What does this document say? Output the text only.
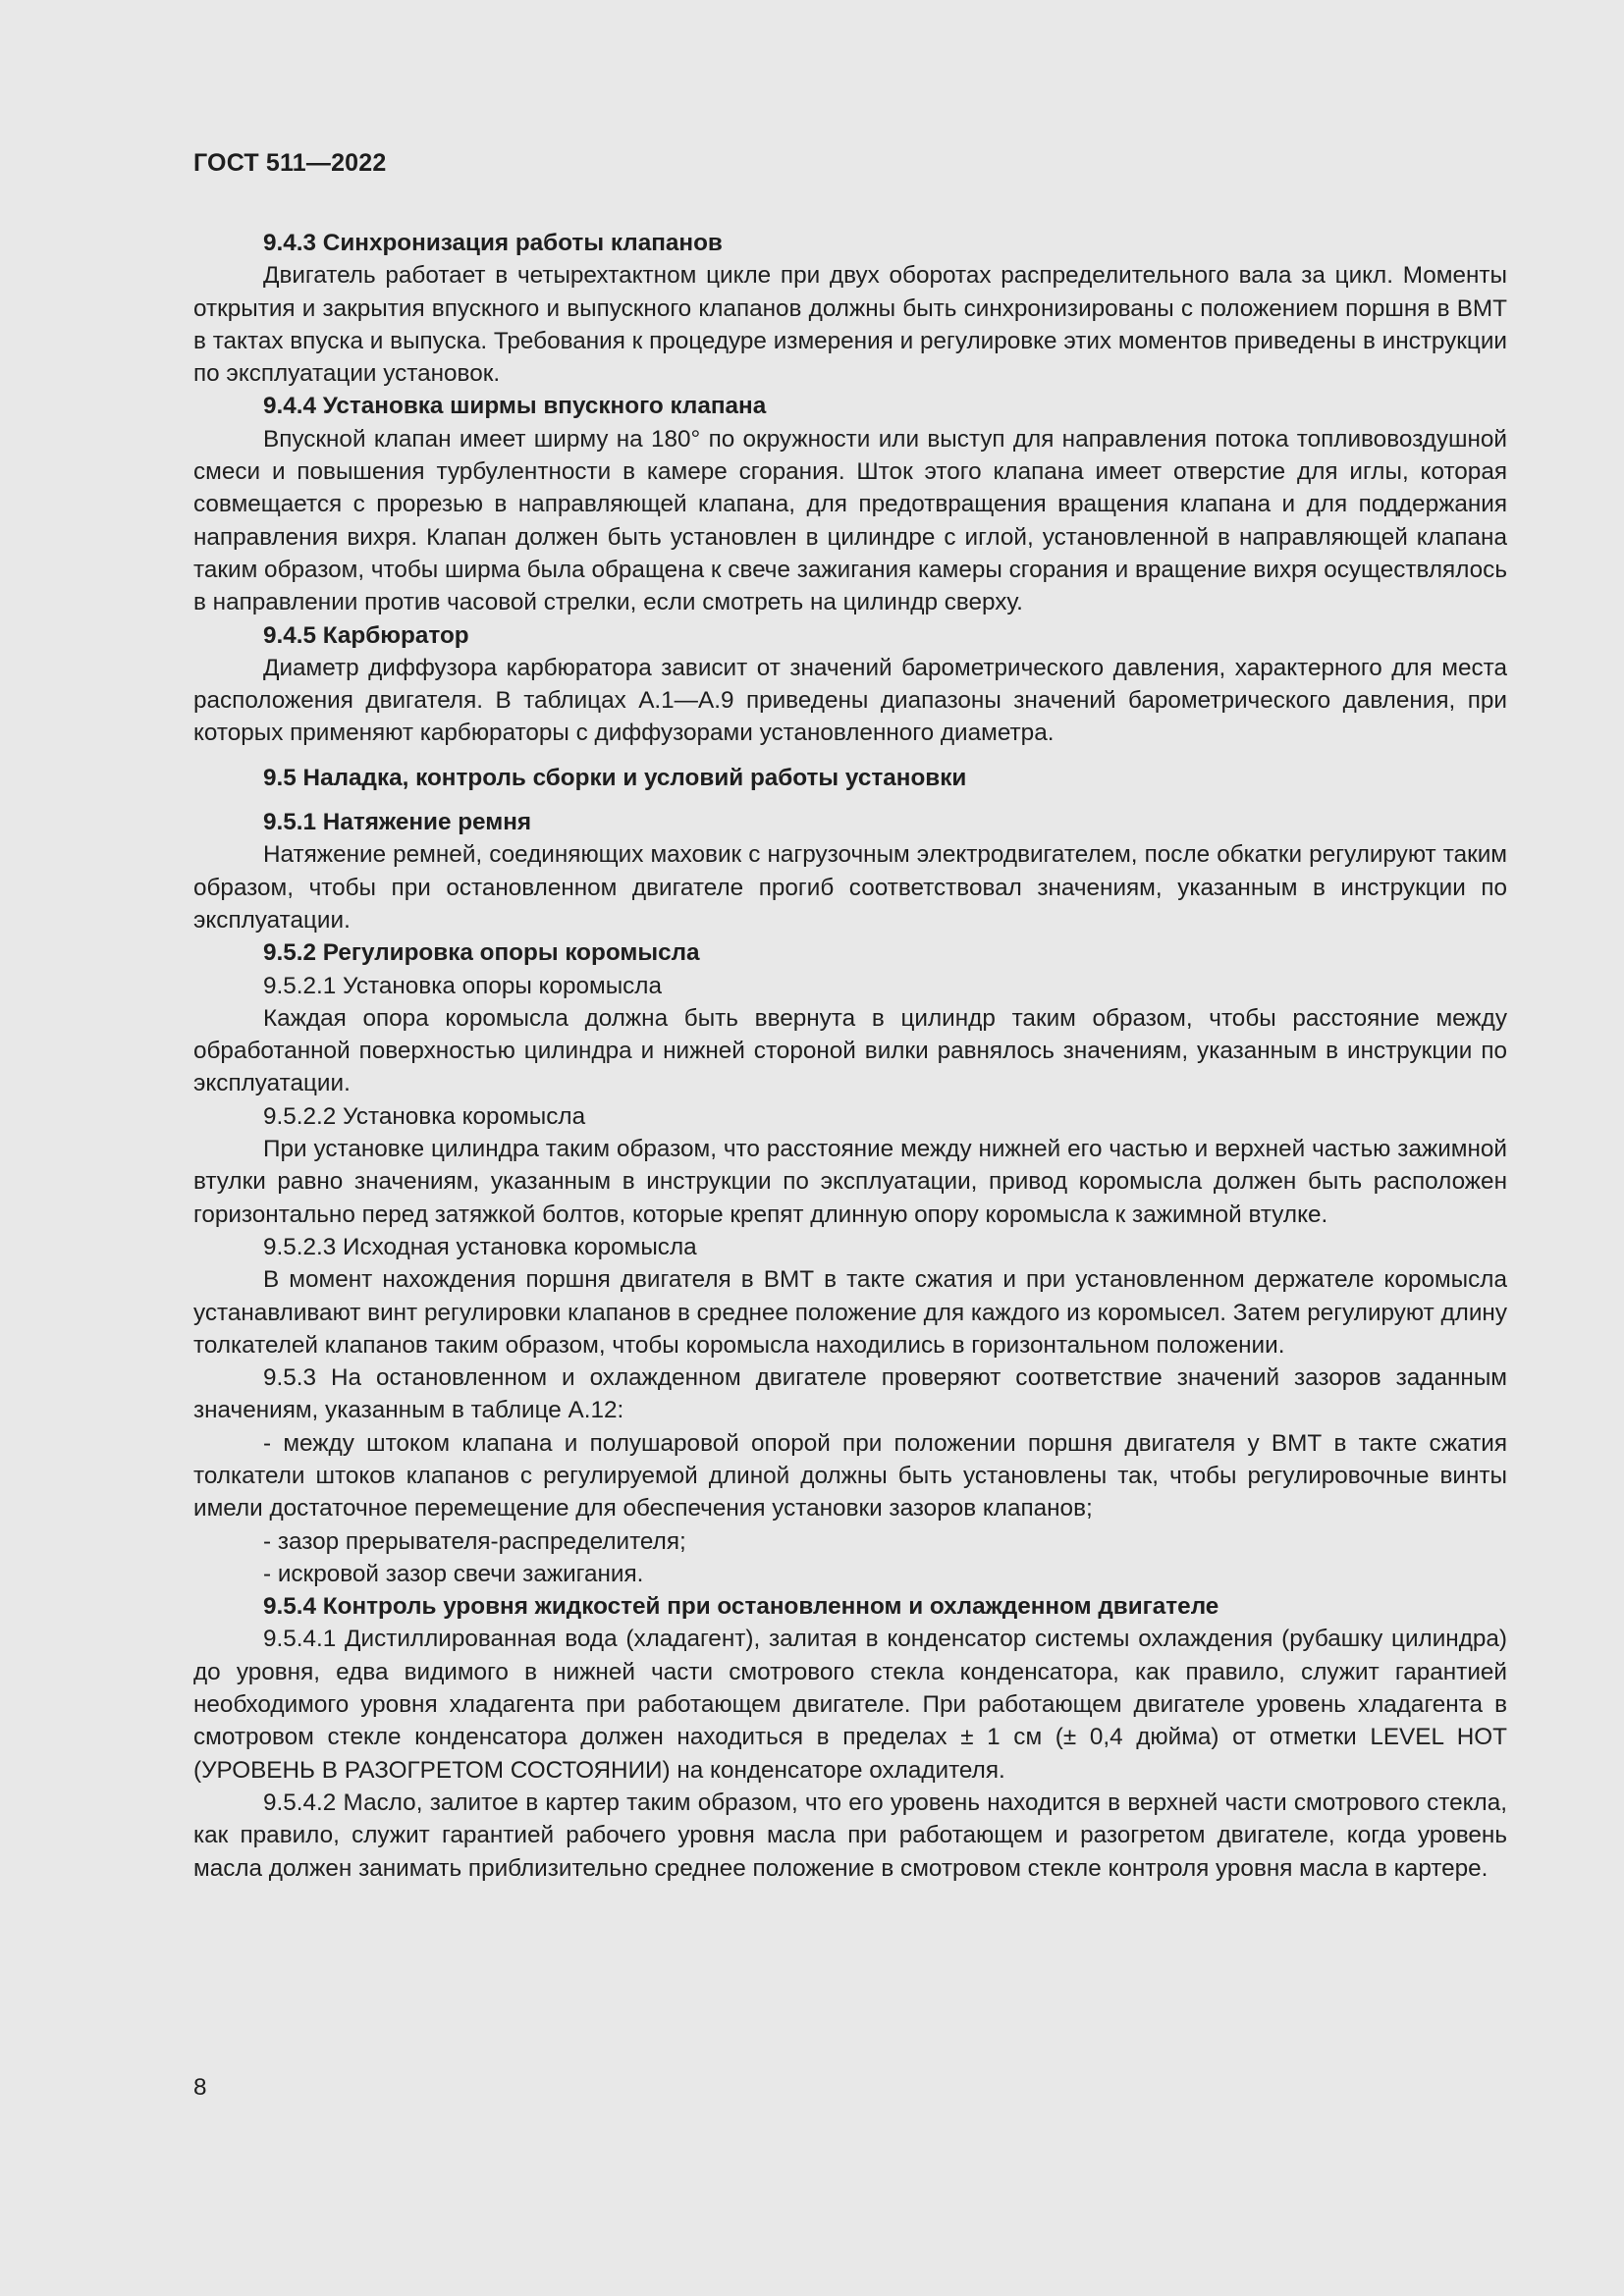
ГОСТ 511—2022

9.4.3 Синхронизация работы клапанов

Двигатель работает в четырехтактном цикле при двух оборотах распределительного вала за цикл. Моменты открытия и закрытия впускного и выпускного клапанов должны быть синхронизированы с положением поршня в ВМТ в тактах впуска и выпуска. Требования к процедуре измерения и регулировке этих моментов приведены в инструкции по эксплуатации установок.

9.4.4 Установка ширмы впускного клапана

Впускной клапан имеет ширму на 180° по окружности или выступ для направления потока топливовоздушной смеси и повышения турбулентности в камере сгорания. Шток этого клапана имеет отверстие для иглы, которая совмещается с прорезью в направляющей клапана, для предотвращения вращения клапана и для поддержания направления вихря. Клапан должен быть установлен в цилиндре с иглой, установленной в направляющей клапана таким образом, чтобы ширма была обращена к свече зажигания камеры сгорания и вращение вихря осуществлялось в направлении против часовой стрелки, если смотреть на цилиндр сверху.

9.4.5 Карбюратор

Диаметр диффузора карбюратора зависит от значений барометрического давления, характерного для места расположения двигателя. В таблицах А.1—А.9 приведены диапазоны значений барометрического давления, при которых применяют карбюраторы с диффузорами установленного диаметра.

9.5 Наладка, контроль сборки и условий работы установки

9.5.1 Натяжение ремня

Натяжение ремней, соединяющих маховик с нагрузочным электродвигателем, после обкатки регулируют таким образом, чтобы при остановленном двигателе прогиб соответствовал значениям, указанным в инструкции по эксплуатации.

9.5.2 Регулировка опоры коромысла

9.5.2.1 Установка опоры коромысла

Каждая опора коромысла должна быть ввернута в цилиндр таким образом, чтобы расстояние между обработанной поверхностью цилиндра и нижней стороной вилки равнялось значениям, указанным в инструкции по эксплуатации.

9.5.2.2 Установка коромысла

При установке цилиндра таким образом, что расстояние между нижней его частью и верхней частью зажимной втулки равно значениям, указанным в инструкции по эксплуатации, привод коромысла должен быть расположен горизонтально перед затяжкой болтов, которые крепят длинную опору коромысла к зажимной втулке.

9.5.2.3 Исходная установка коромысла

В момент нахождения поршня двигателя в ВМТ в такте сжатия и при установленном держателе коромысла устанавливают винт регулировки клапанов в среднее положение для каждого из коромысел. Затем регулируют длину толкателей клапанов таким образом, чтобы коромысла находились в горизонтальном положении.

9.5.3 На остановленном и охлажденном двигателе проверяют соответствие значений зазоров заданным значениям, указанным в таблице А.12:

- между штоком клапана и полушаровой опорой при положении поршня двигателя у ВМТ в такте сжатия толкатели штоков клапанов с регулируемой длиной должны быть установлены так, чтобы регулировочные винты имели достаточное перемещение для обеспечения установки зазоров клапанов;

- зазор прерывателя-распределителя;

- искровой зазор свечи зажигания.

9.5.4 Контроль уровня жидкостей при остановленном и охлажденном двигателе

9.5.4.1 Дистиллированная вода (хладагент), залитая в конденсатор системы охлаждения (рубашку цилиндра) до уровня, едва видимого в нижней части смотрового стекла конденсатора, как правило, служит гарантией необходимого уровня хладагента при работающем двигателе. При работающем двигателе уровень хладагента в смотровом стекле конденсатора должен находиться в пределах ± 1 см (± 0,4 дюйма) от отметки LEVEL HOT (УРОВЕНЬ В РАЗОГРЕТОМ СОСТОЯНИИ) на конденсаторе охладителя.

9.5.4.2 Масло, залитое в картер таким образом, что его уровень находится в верхней части смотрового стекла, как правило, служит гарантией рабочего уровня масла при работающем и разогретом двигателе, когда уровень масла должен занимать приблизительно среднее положение в смотровом стекле контроля уровня масла в картере.

8
